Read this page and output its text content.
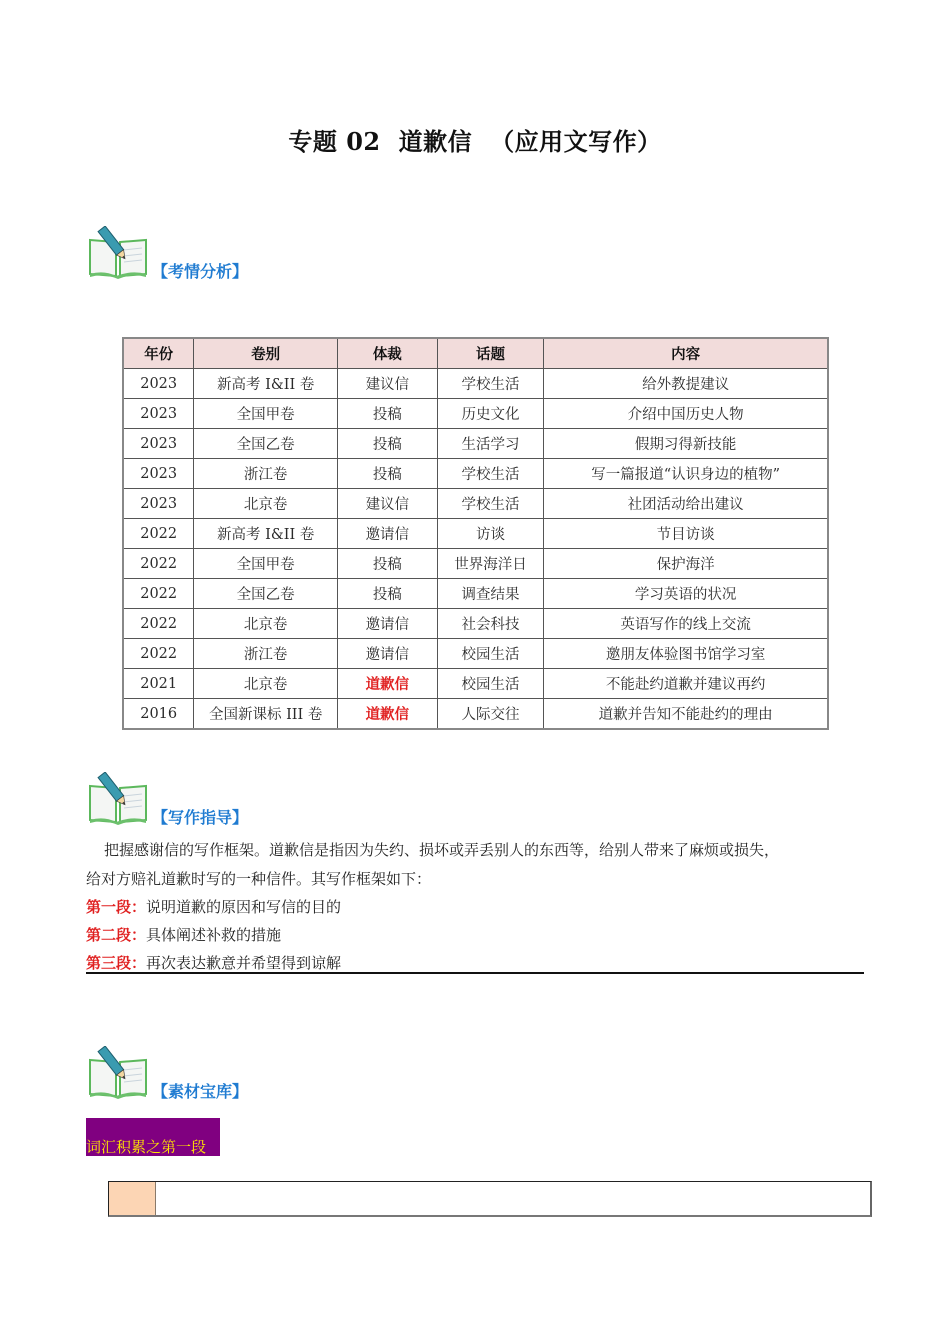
专题 02 道歉信 （应用文写作）
【考情分析】
年份	卷别	体裁	话题	内容
2023	新高考 I&II 卷	建议信	学校生活	给外教提建议
2023	全国甲卷	投稿	历史文化	介绍中国历史人物
2023	全国乙卷	投稿	生活学习	假期习得新技能
2023	浙江卷	投稿	学校生活	写一篇报道“认识身边的植物”
2023	北京卷	建议信	学校生活	社团活动给出建议
2022	新高考 I&II 卷	邀请信	访谈	节目访谈
2022	全国甲卷	投稿	世界海洋日	保护海洋
2022	全国乙卷	投稿	调查结果	学习英语的状况
2022	北京卷	邀请信	社会科技	英语写作的线上交流
2022	浙江卷	邀请信	校园生活	邀朋友体验图书馆学习室
2021	北京卷	道歉信	校园生活	不能赴约道歉并建议再约
2016	全国新课标 III 卷	道歉信	人际交往	道歉并告知不能赴约的理由
【写作指导】
把握感谢信的写作框架。道歉信是指因为失约、损坏或弄丢别人的东西等，给别人带来了麻烦或损失，
给对方赔礼道歉时写的一种信件。其写作框架如下：
第一段：说明道歉的原因和写信的目的
第二段：具体阐述补救的措施
第三段：再次表达歉意并希望得到谅解
【素材宝库】
词汇积累之第一段
